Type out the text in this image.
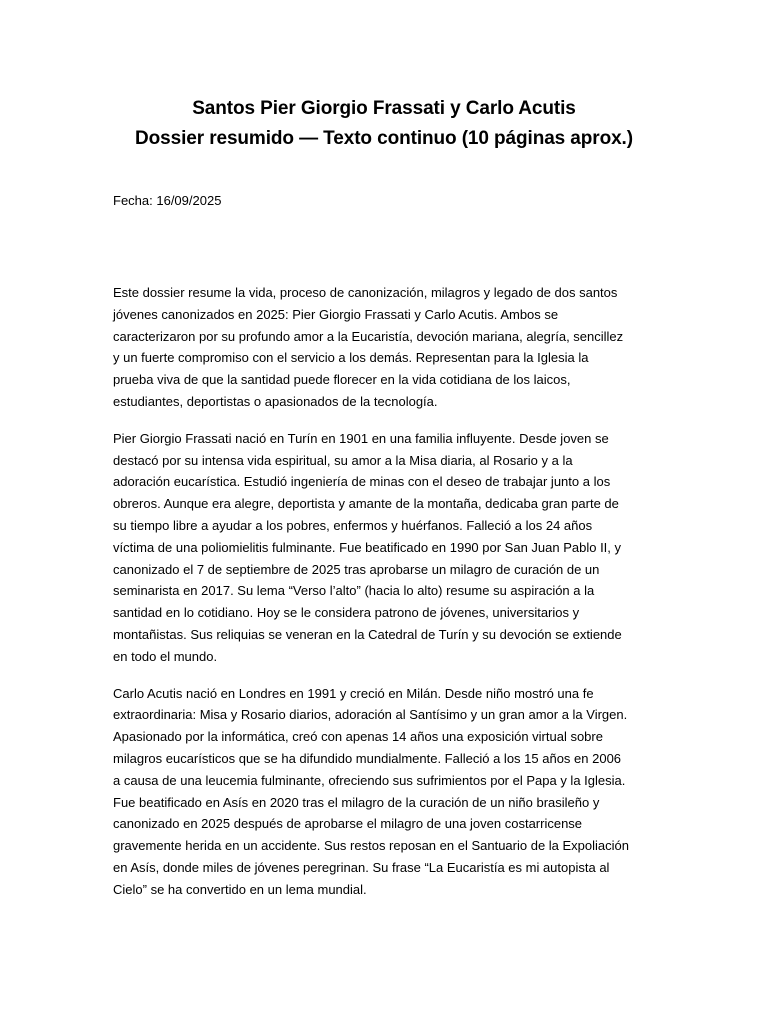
Santos Pier Giorgio Frassati y Carlo Acutis
Dossier resumido — Texto continuo (10 páginas aprox.)
Fecha: 16/09/2025

Este dossier resume la vida, proceso de canonización, milagros y legado de dos santos
jóvenes canonizados en 2025: Pier Giorgio Frassati y Carlo Acutis. Ambos se
caracterizaron por su profundo amor a la Eucaristía, devoción mariana, alegría, sencillez
y un fuerte compromiso con el servicio a los demás. Representan para la Iglesia la
prueba viva de que la santidad puede florecer en la vida cotidiana de los laicos,
estudiantes, deportistas o apasionados de la tecnología.

Pier Giorgio Frassati nació en Turín en 1901 en una familia influyente. Desde joven se
destacó por su intensa vida espiritual, su amor a la Misa diaria, al Rosario y a la
adoración eucarística. Estudió ingeniería de minas con el deseo de trabajar junto a los
obreros. Aunque era alegre, deportista y amante de la montaña, dedicaba gran parte de
su tiempo libre a ayudar a los pobres, enfermos y huérfanos. Falleció a los 24 años
víctima de una poliomielitis fulminante. Fue beatificado en 1990 por San Juan Pablo II, y
canonizado el 7 de septiembre de 2025 tras aprobarse un milagro de curación de un
seminarista en 2017. Su lema “Verso l’alto” (hacia lo alto) resume su aspiración a la
santidad en lo cotidiano. Hoy se le considera patrono de jóvenes, universitarios y
montañistas. Sus reliquias se veneran en la Catedral de Turín y su devoción se extiende
en todo el mundo.

Carlo Acutis nació en Londres en 1991 y creció en Milán. Desde niño mostró una fe
extraordinaria: Misa y Rosario diarios, adoración al Santísimo y un gran amor a la Virgen.
Apasionado por la informática, creó con apenas 14 años una exposición virtual sobre
milagros eucarísticos que se ha difundido mundialmente. Falleció a los 15 años en 2006
a causa de una leucemia fulminante, ofreciendo sus sufrimientos por el Papa y la Iglesia.
Fue beatificado en Asís en 2020 tras el milagro de la curación de un niño brasileño y
canonizado en 2025 después de aprobarse el milagro de una joven costarricense
gravemente herida en un accidente. Sus restos reposan en el Santuario de la Expoliación
en Asís, donde miles de jóvenes peregrinan. Su frase “La Eucaristía es mi autopista al
Cielo” se ha convertido en un lema mundial.
